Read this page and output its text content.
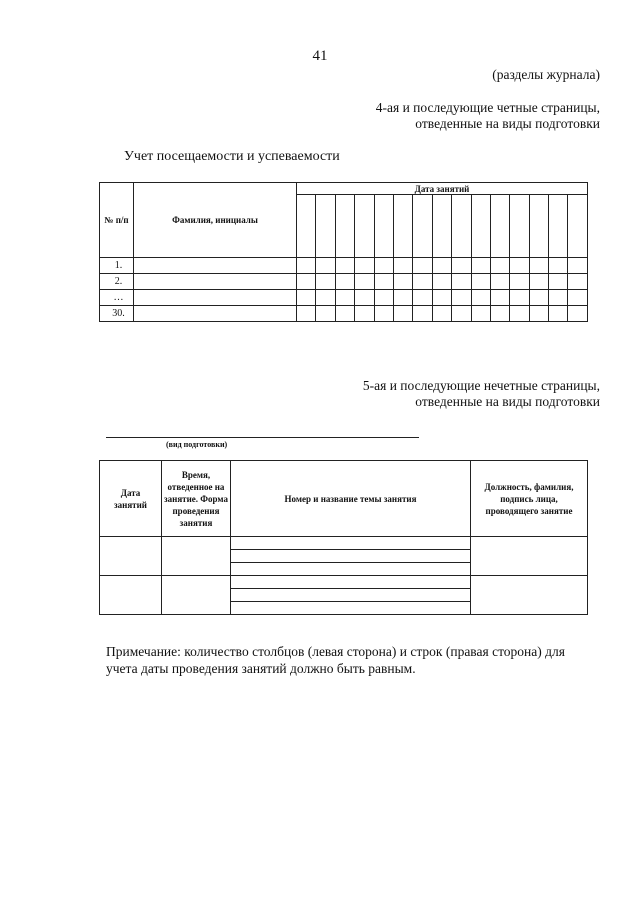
41
(разделы журнала)
4-ая и последующие четные страницы,
отведенные на виды подготовки
Учет посещаемости и успеваемости
№ п/п	Фамилия, инициалы	Дата занятий														

1.																
2.																
…																
30.																
5-ая и последующие нечетные страницы,
отведенные на виды подготовки
(вид подготовки)
Дата занятий	Время, отведенное на занятие. Форма проведения занятия	Номер и название темы занятия	Должность, фамилия, подпись лица, проводящего занятие

Примечание: количество столбцов (левая сторона) и строк (правая сторона) для учета даты проведения занятий должно быть равным.
